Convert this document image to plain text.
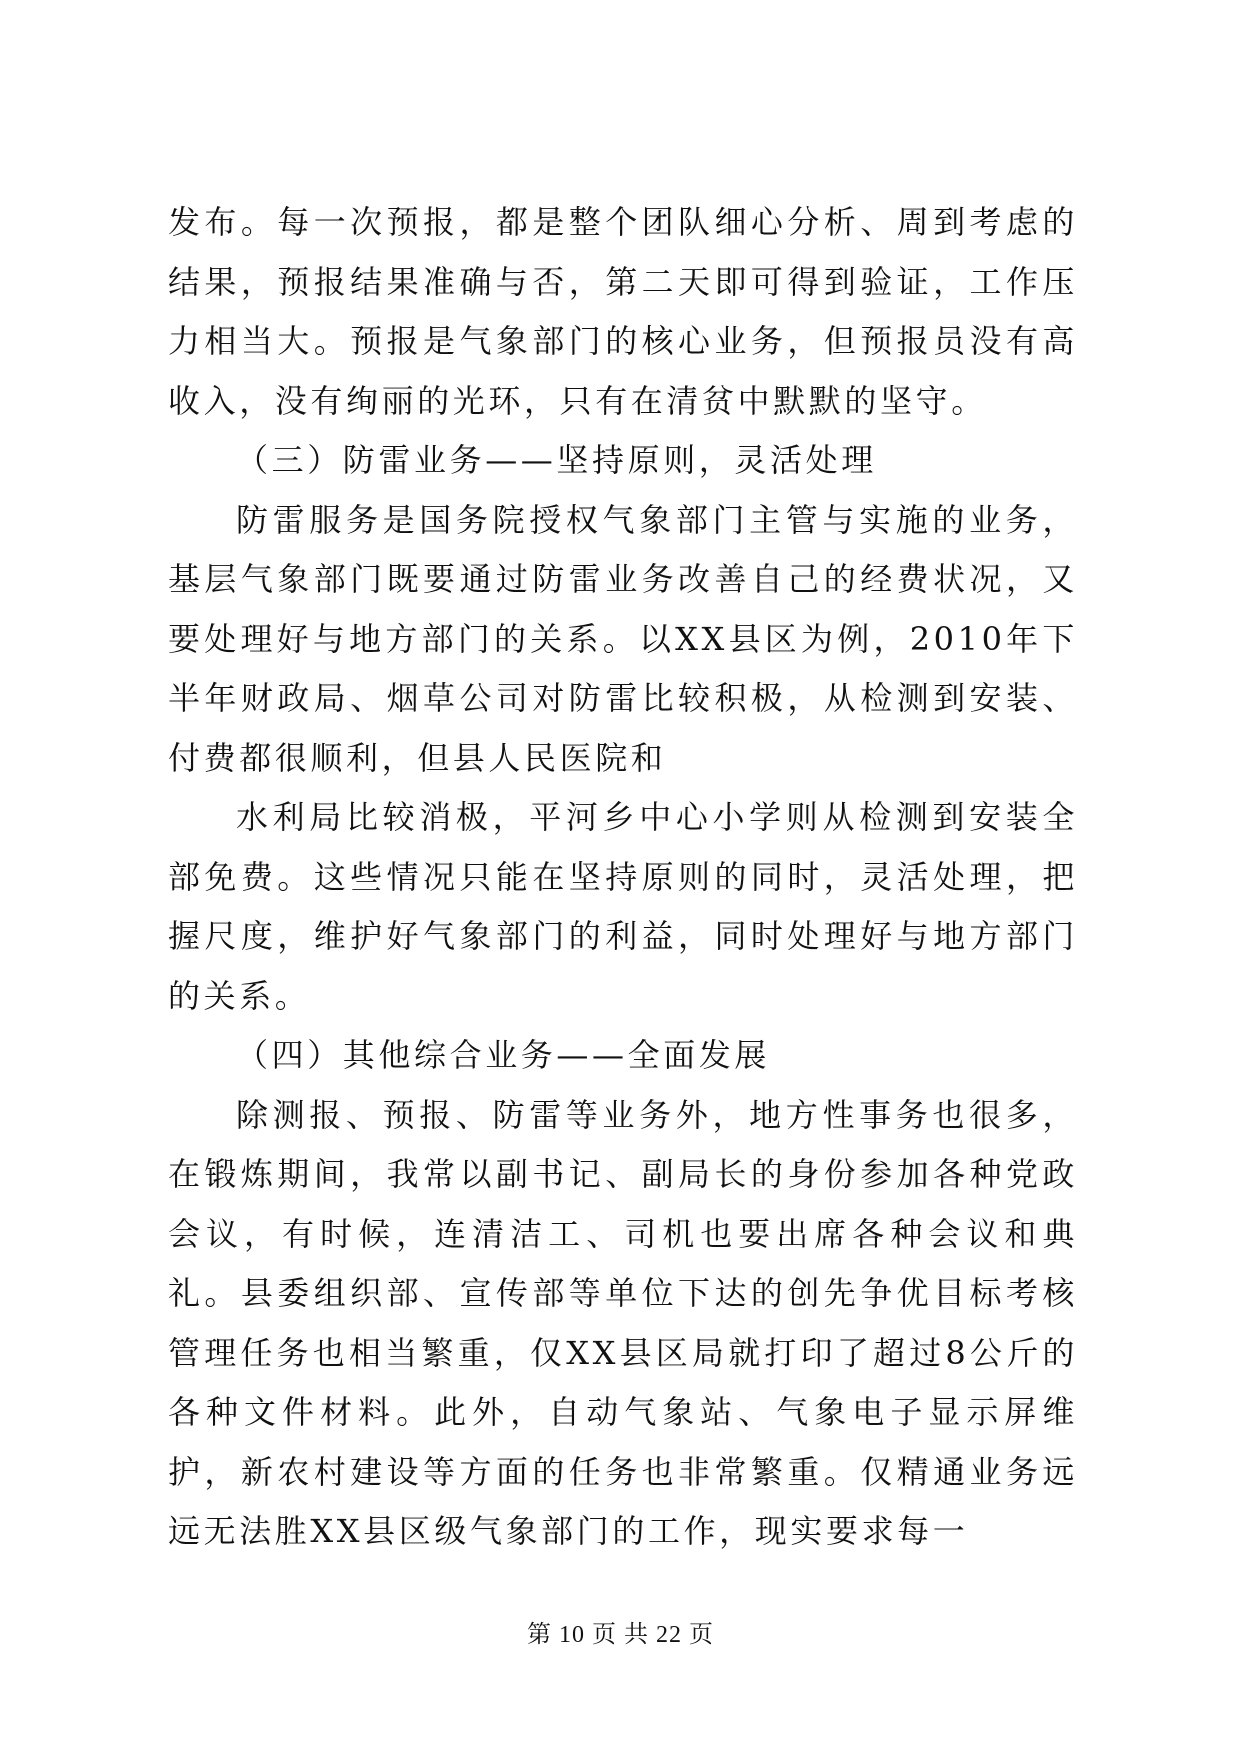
发布。每一次预报，都是整个团队细心分析、周到考虑的结果，预报结果准确与否，第二天即可得到验证，工作压力相当大。预报是气象部门的核心业务，但预报员没有高收入，没有绚丽的光环，只有在清贫中默默的坚守。

（三）防雷业务——坚持原则，灵活处理

防雷服务是国务院授权气象部门主管与实施的业务，基层气象部门既要通过防雷业务改善自己的经费状况，又要处理好与地方部门的关系。以XX县区为例，2010年下半年财政局、烟草公司对防雷比较积极，从检测到安装、付费都很顺利，但县人民医院和

水利局比较消极，平河乡中心小学则从检测到安装全部免费。这些情况只能在坚持原则的同时，灵活处理，把握尺度，维护好气象部门的利益，同时处理好与地方部门的关系。

（四）其他综合业务——全面发展

除测报、预报、防雷等业务外，地方性事务也很多，在锻炼期间，我常以副书记、副局长的身份参加各种党政会议，有时候，连清洁工、司机也要出席各种会议和典礼。县委组织部、宣传部等单位下达的创先争优目标考核管理任务也相当繁重，仅XX县区局就打印了超过8公斤的各种文件材料。此外，自动气象站、气象电子显示屏维护，新农村建设等方面的任务也非常繁重。仅精通业务远远无法胜XX县区级气象部门的工作，现实要求每一

第 10 页 共 22 页
